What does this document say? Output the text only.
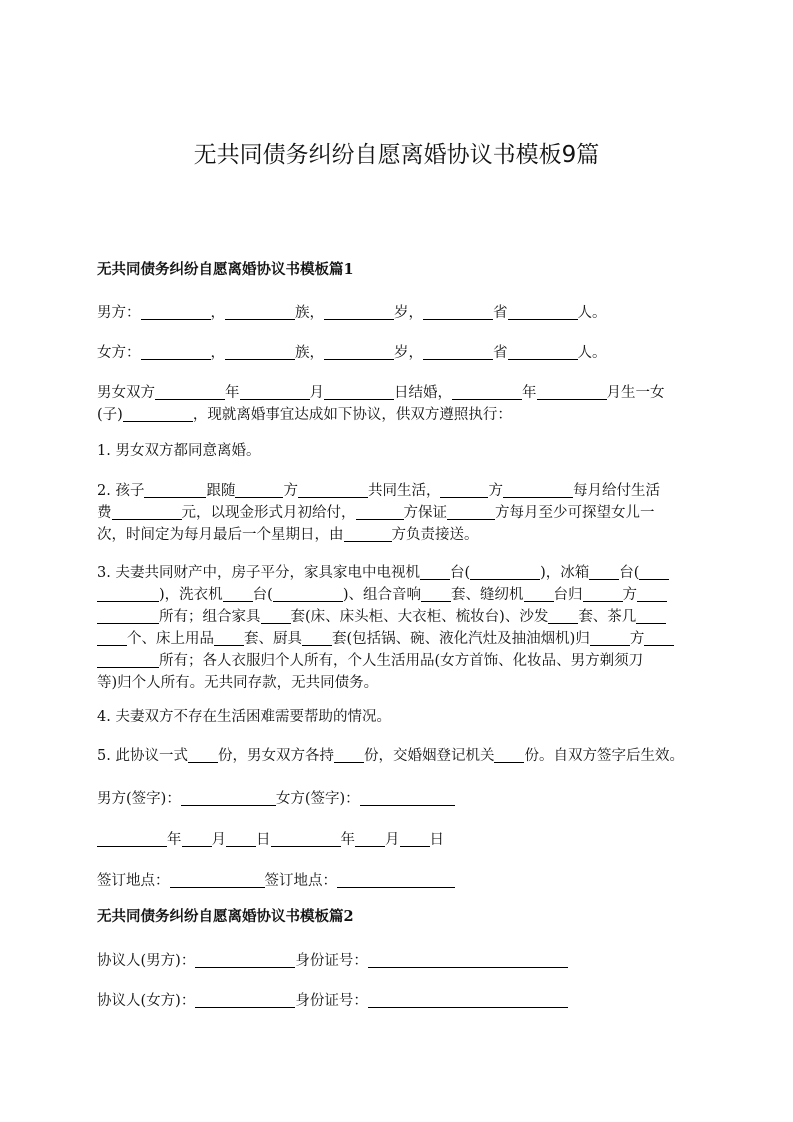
无共同债务纠纷自愿离婚协议书模板9篇
无共同债务纠纷自愿离婚协议书模板篇1
男方：	，	族，	岁，	省	人。
女方：	，	族，	岁，	省	人。
男女双方	年	月	日结婚，	年	月生一女
(子)	，现就离婚事宜达成如下协议，供双方遵照执行：
1. 男女双方都同意离婚。
2. 孩子	跟随	方	共同生活，	方	每月给付生活
费	元，以现金形式月初给付，	方保证	方每月至少可探望女儿一
次，时间定为每月最后一个星期日，由	方负责接送。
3. 夫妻共同财产中，房子平分，家具家电中电视机 台(	)，冰箱 台(
)，洗衣机 台(	)、组合音响 套、缝纫机 台归	方
所有；组合家具 套(床、床头柜、大衣柜、梳妆台)、沙发 套、茶几
个、床上用品 套、厨具 套(包括锅、碗、液化汽灶及抽油烟机)归	方
所有；各人衣服归个人所有，个人生活用品(女方首饰、化妆品、男方剃须刀
等)归个人所有。无共同存款，无共同债务。
4. 夫妻双方不存在生活困难需要帮助的情况。
5. 此协议一式 份，男女双方各持 份，交婚姻登记机关 份。自双方签字后生效。
男方(签字)：	女方(签字)：
年 月 日	年 月 日
签订地点：	签订地点：
无共同债务纠纷自愿离婚协议书模板篇2
协议人(男方)：	身份证号：
协议人(女方)：	身份证号：
